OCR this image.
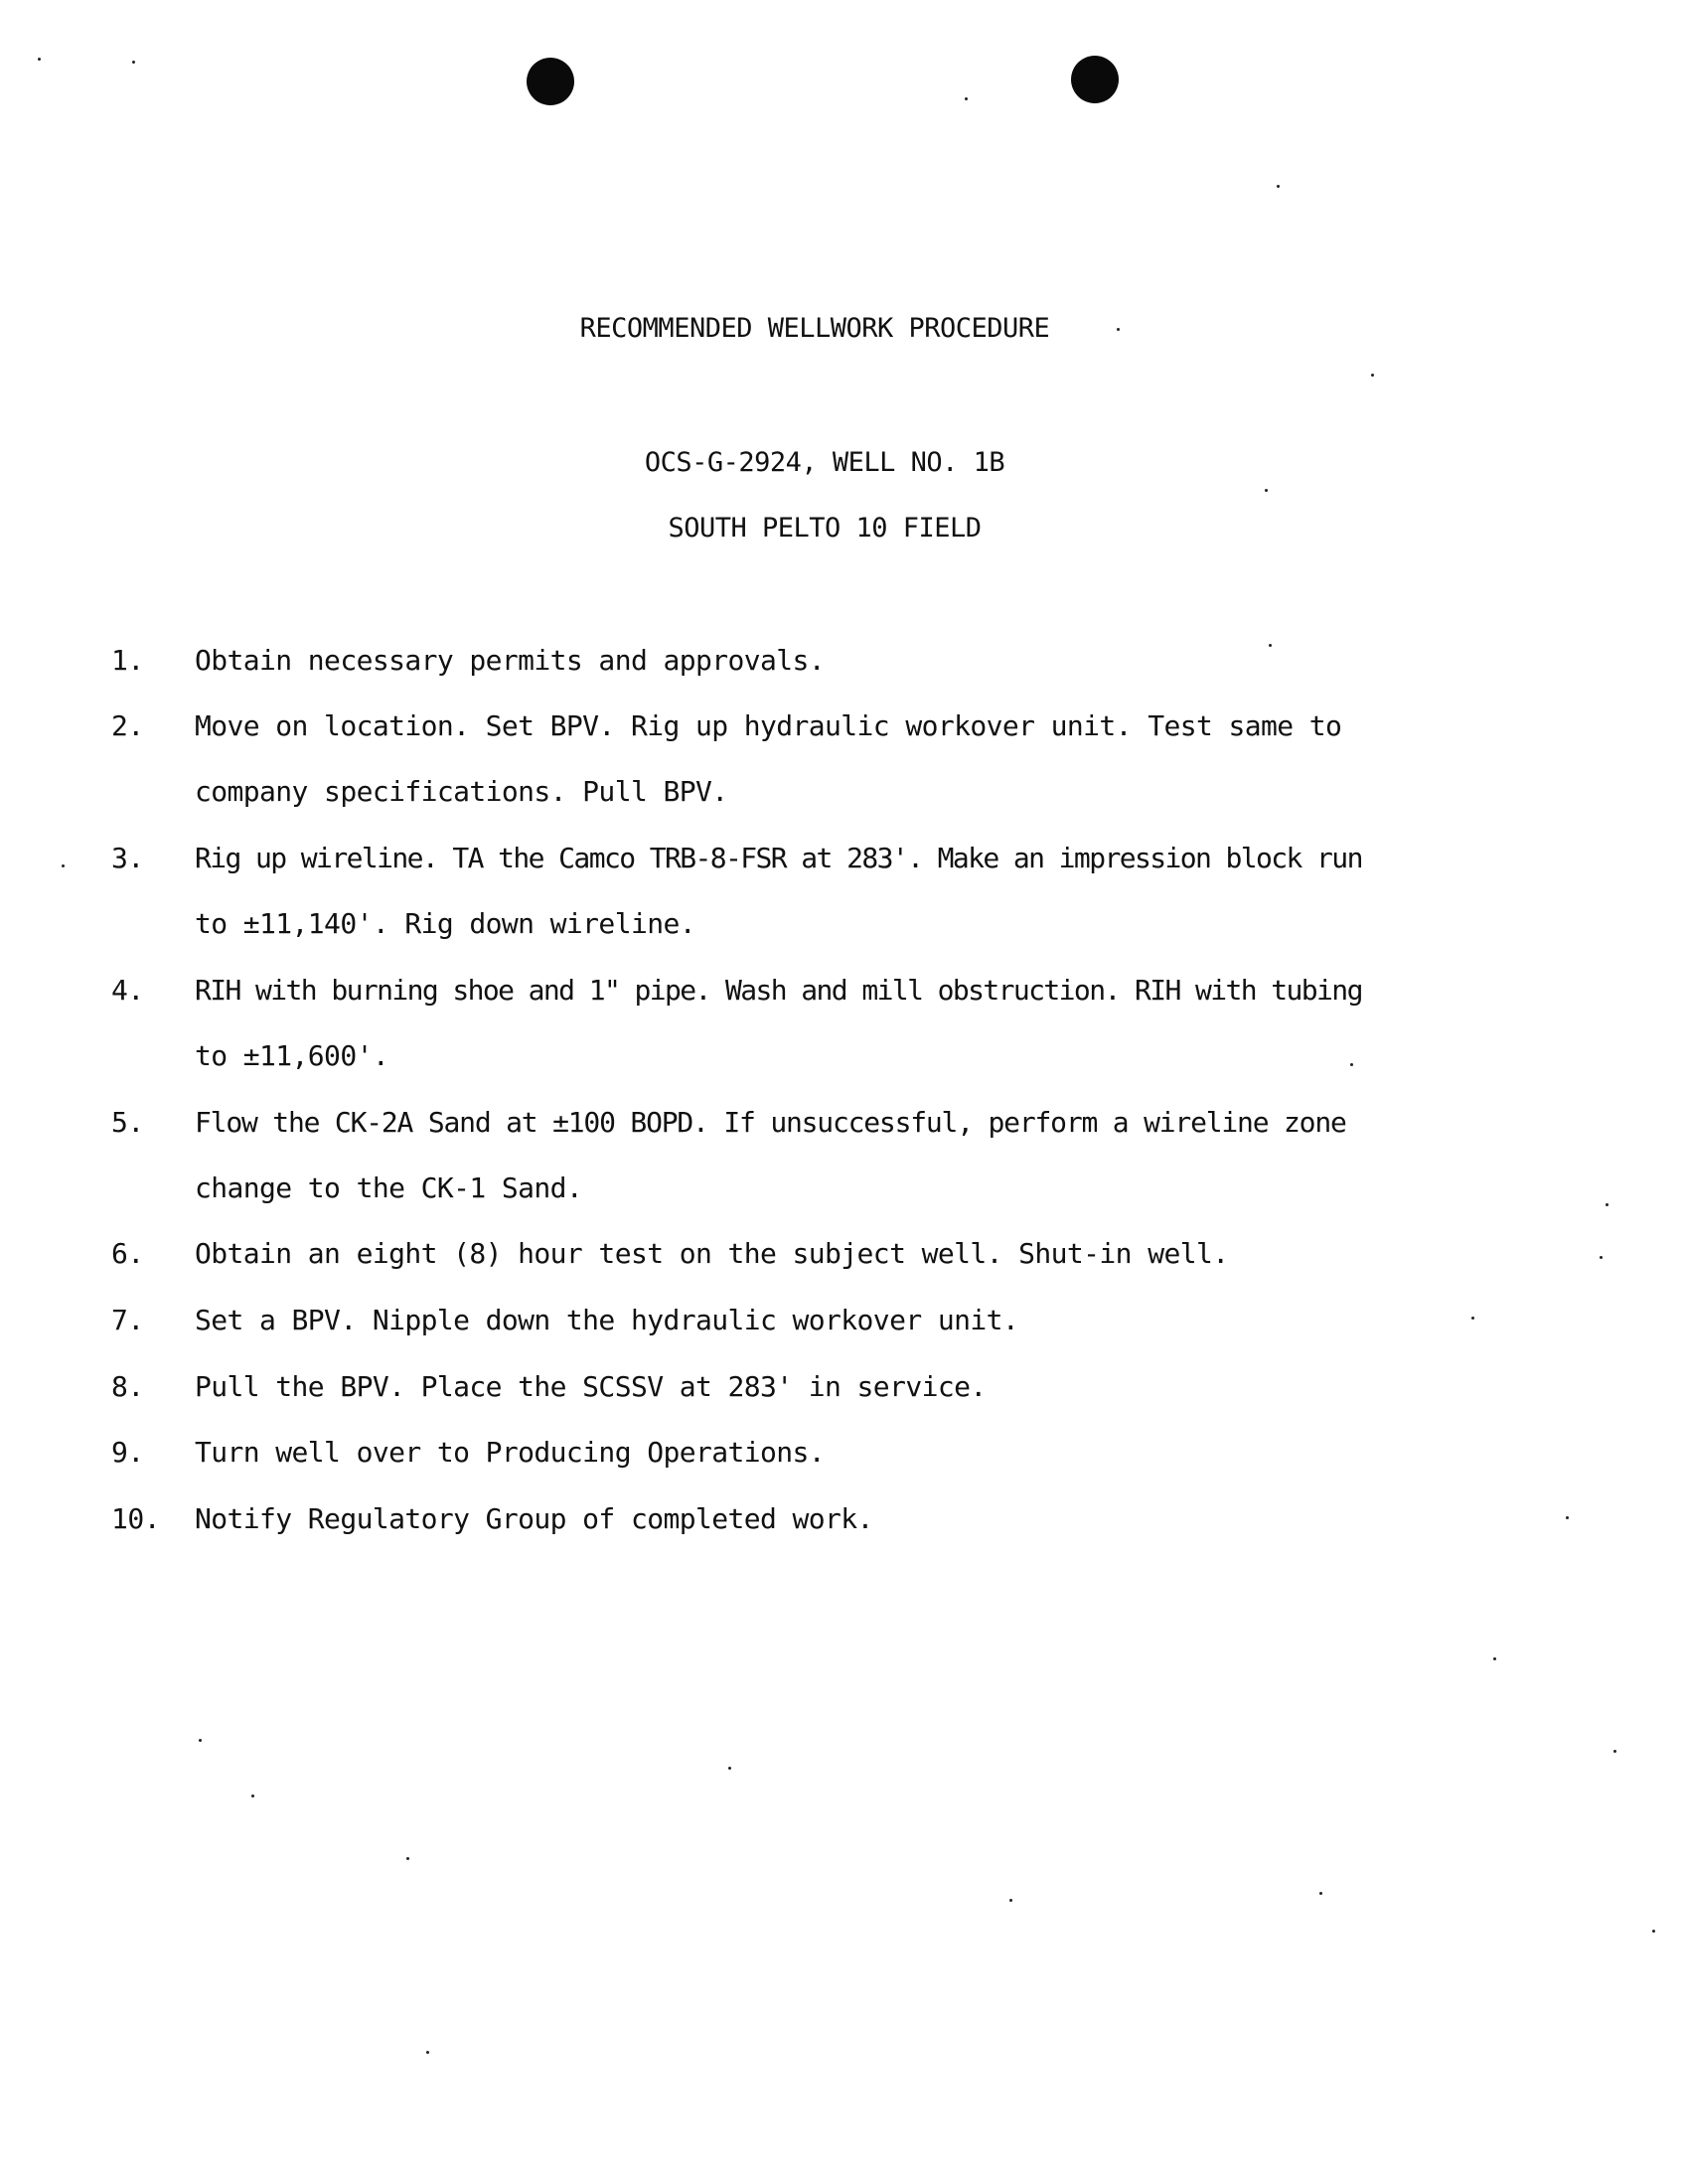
RECOMMENDED WELLWORK PROCEDURE
OCS-G-2924, WELL NO. 1B
SOUTH PELTO 10 FIELD
1. Obtain necessary permits and approvals.
2. Move on location. Set BPV. Rig up hydraulic workover unit. Test same to
company specifications. Pull BPV.
3. Rig up wireline. TA the Camco TRB-8-FSR at 283'. Make an impression block run
to ±11,140'. Rig down wireline.
4. RIH with burning shoe and 1" pipe. Wash and mill obstruction. RIH with tubing
to ±11,600'.
5. Flow the CK-2A Sand at ±100 BOPD. If unsuccessful, perform a wireline zone
change to the CK-1 Sand.
6. Obtain an eight (8) hour test on the subject well. Shut-in well.
7. Set a BPV. Nipple down the hydraulic workover unit.
8. Pull the BPV. Place the SCSSV at 283' in service.
9. Turn well over to Producing Operations.
10. Notify Regulatory Group of completed work.
